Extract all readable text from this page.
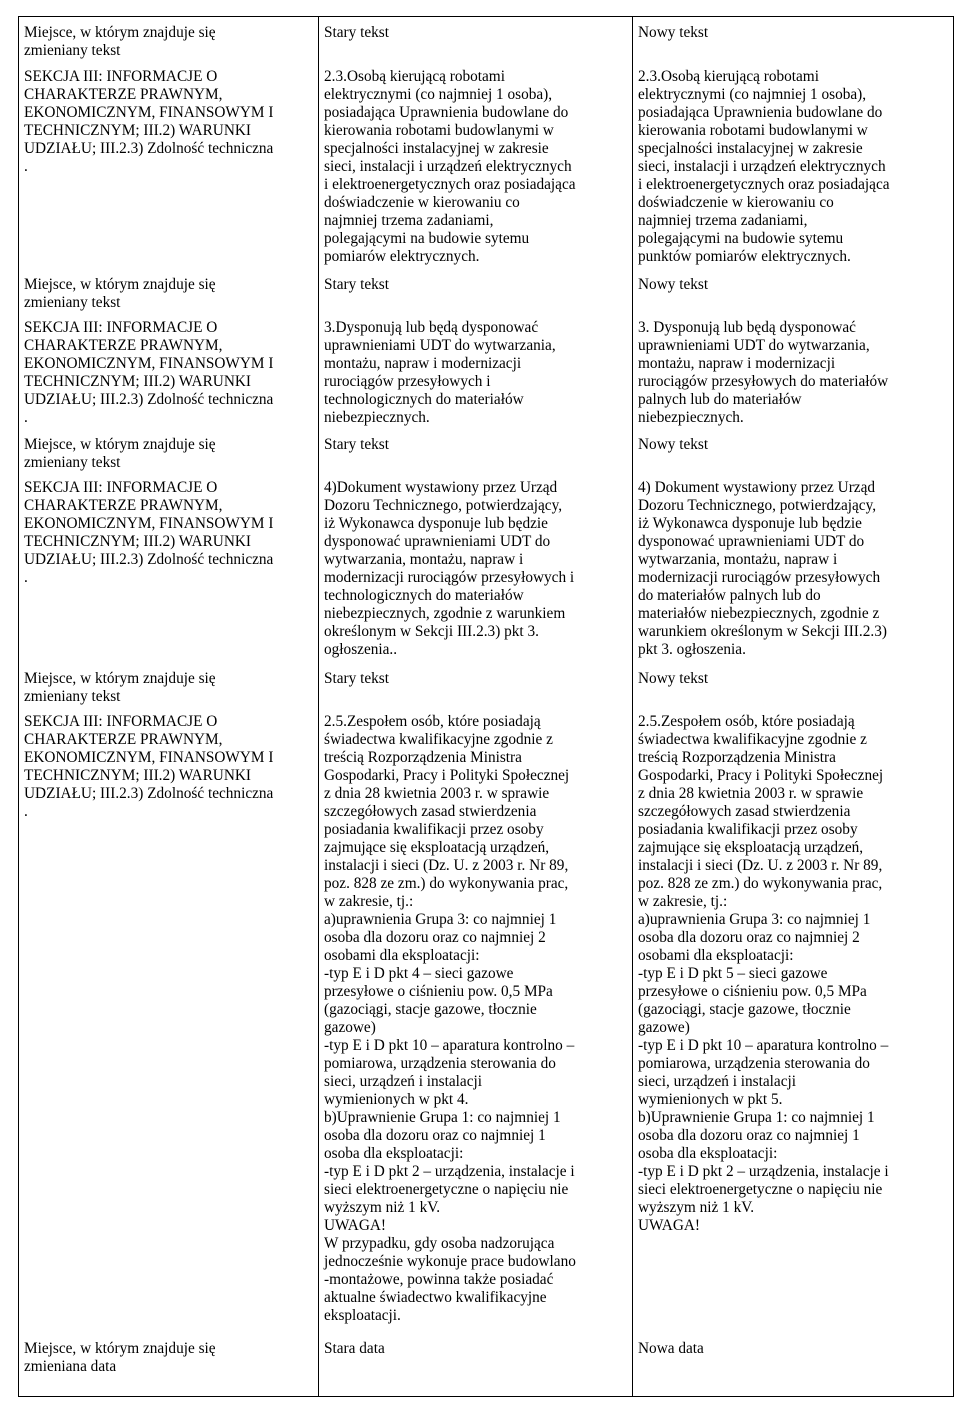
Miejsce, w którym znajduje się
zmieniany tekst
SEKCJA III: INFORMACJE O
CHARAKTERZE PRAWNYM,
EKONOMICZNYM, FINANSOWYM I
TECHNICZNYM; III.2) WARUNKI
UDZIAŁU; III.2.3) Zdolność techniczna
.
Stary tekst
2.3.Osobą kierującą robotami
elektrycznymi (co najmniej 1 osoba),
posiadająca Uprawnienia budowlane do
kierowania robotami budowlanymi w
specjalności instalacyjnej w zakresie
sieci, instalacji i urządzeń elektrycznych
i elektroenergetycznych oraz posiadająca
doświadczenie w kierowaniu co
najmniej trzema zadaniami,
polegającymi na budowie sytemu
pomiarów elektrycznych.
Nowy tekst
2.3.Osobą kierującą robotami
elektrycznymi (co najmniej 1 osoba),
posiadająca Uprawnienia budowlane do
kierowania robotami budowlanymi w
specjalności instalacyjnej w zakresie
sieci, instalacji i urządzeń elektrycznych
i elektroenergetycznych oraz posiadająca
doświadczenie w kierowaniu co
najmniej trzema zadaniami,
polegającymi na budowie sytemu
punktów pomiarów elektrycznych.
Miejsce, w którym znajduje się
zmieniany tekst
SEKCJA III: INFORMACJE O
CHARAKTERZE PRAWNYM,
EKONOMICZNYM, FINANSOWYM I
TECHNICZNYM; III.2) WARUNKI
UDZIAŁU; III.2.3) Zdolność techniczna
.
Stary tekst
3.Dysponują lub będą dysponować
uprawnieniami UDT do wytwarzania,
montażu, napraw i modernizacji
rurociągów przesyłowych i
technologicznych do materiałów
niebezpiecznych.
Nowy tekst
3. Dysponują lub będą dysponować
uprawnieniami UDT do wytwarzania,
montażu, napraw i modernizacji
rurociągów przesyłowych do materiałów
palnych lub do materiałów
niebezpiecznych.
Miejsce, w którym znajduje się
zmieniany tekst
SEKCJA III: INFORMACJE O
CHARAKTERZE PRAWNYM,
EKONOMICZNYM, FINANSOWYM I
TECHNICZNYM; III.2) WARUNKI
UDZIAŁU; III.2.3) Zdolność techniczna
.
Stary tekst
4)Dokument wystawiony przez Urząd
Dozoru Technicznego, potwierdzający,
iż Wykonawca dysponuje lub będzie
dysponować uprawnieniami UDT do
wytwarzania, montażu, napraw i
modernizacji rurociągów przesyłowych i
technologicznych do materiałów
niebezpiecznych, zgodnie z warunkiem
określonym w Sekcji III.2.3) pkt 3.
ogłoszenia..
Nowy tekst
4) Dokument wystawiony przez Urząd
Dozoru Technicznego, potwierdzający,
iż Wykonawca dysponuje lub będzie
dysponować uprawnieniami UDT do
wytwarzania, montażu, napraw i
modernizacji rurociągów przesyłowych
do materiałów palnych lub do
materiałów niebezpiecznych, zgodnie z
warunkiem określonym w Sekcji III.2.3)
pkt 3. ogłoszenia.
Miejsce, w którym znajduje się
zmieniany tekst
SEKCJA III: INFORMACJE O
CHARAKTERZE PRAWNYM,
EKONOMICZNYM, FINANSOWYM I
TECHNICZNYM; III.2) WARUNKI
UDZIAŁU; III.2.3) Zdolność techniczna
.
Stary tekst
2.5.Zespołem osób, które posiadają
świadectwa kwalifikacyjne zgodnie z
treścią Rozporządzenia Ministra
Gospodarki, Pracy i Polityki Społecznej
z dnia 28 kwietnia 2003 r. w sprawie
szczegółowych zasad stwierdzenia
posiadania kwalifikacji przez osoby
zajmujące się eksploatacją urządzeń,
instalacji i sieci (Dz. U. z 2003 r. Nr 89,
poz. 828 ze zm.) do wykonywania prac,
w zakresie, tj.:
a)uprawnienia Grupa 3: co najmniej 1
osoba dla dozoru oraz co najmniej 2
osobami dla eksploatacji:
-typ E i D pkt 4 – sieci gazowe
przesyłowe o ciśnieniu pow. 0,5 MPa
(gazociągi, stacje gazowe, tłocznie
gazowe)
-typ E i D pkt 10 – aparatura kontrolno –
pomiarowa, urządzenia sterowania do
sieci, urządzeń i instalacji
wymienionych w pkt 4.
b)Uprawnienie Grupa 1: co najmniej 1
osoba dla dozoru oraz co najmniej 1
osoba dla eksploatacji:
-typ E i D pkt 2 – urządzenia, instalacje i
sieci elektroenergetyczne o napięciu nie
wyższym niż 1 kV.
UWAGA!
W przypadku, gdy osoba nadzorująca
jednocześnie wykonuje prace budowlano
-montażowe, powinna także posiadać
aktualne świadectwo kwalifikacyjne
eksploatacji.
Nowy tekst
2.5.Zespołem osób, które posiadają
świadectwa kwalifikacyjne zgodnie z
treścią Rozporządzenia Ministra
Gospodarki, Pracy i Polityki Społecznej
z dnia 28 kwietnia 2003 r. w sprawie
szczegółowych zasad stwierdzenia
posiadania kwalifikacji przez osoby
zajmujące się eksploatacją urządzeń,
instalacji i sieci (Dz. U. z 2003 r. Nr 89,
poz. 828 ze zm.) do wykonywania prac,
w zakresie, tj.:
a)uprawnienia Grupa 3: co najmniej 1
osoba dla dozoru oraz co najmniej 2
osobami dla eksploatacji:
-typ E i D pkt 5 – sieci gazowe
przesyłowe o ciśnieniu pow. 0,5 MPa
(gazociągi, stacje gazowe, tłocznie
gazowe)
-typ E i D pkt 10 – aparatura kontrolno –
pomiarowa, urządzenia sterowania do
sieci, urządzeń i instalacji
wymienionych w pkt 5.
b)Uprawnienie Grupa 1: co najmniej 1
osoba dla dozoru oraz co najmniej 1
osoba dla eksploatacji:
-typ E i D pkt 2 – urządzenia, instalacje i
sieci elektroenergetyczne o napięciu nie
wyższym niż 1 kV.
UWAGA!
Miejsce, w którym znajduje się
zmieniana data
Stara data	Nowa data
